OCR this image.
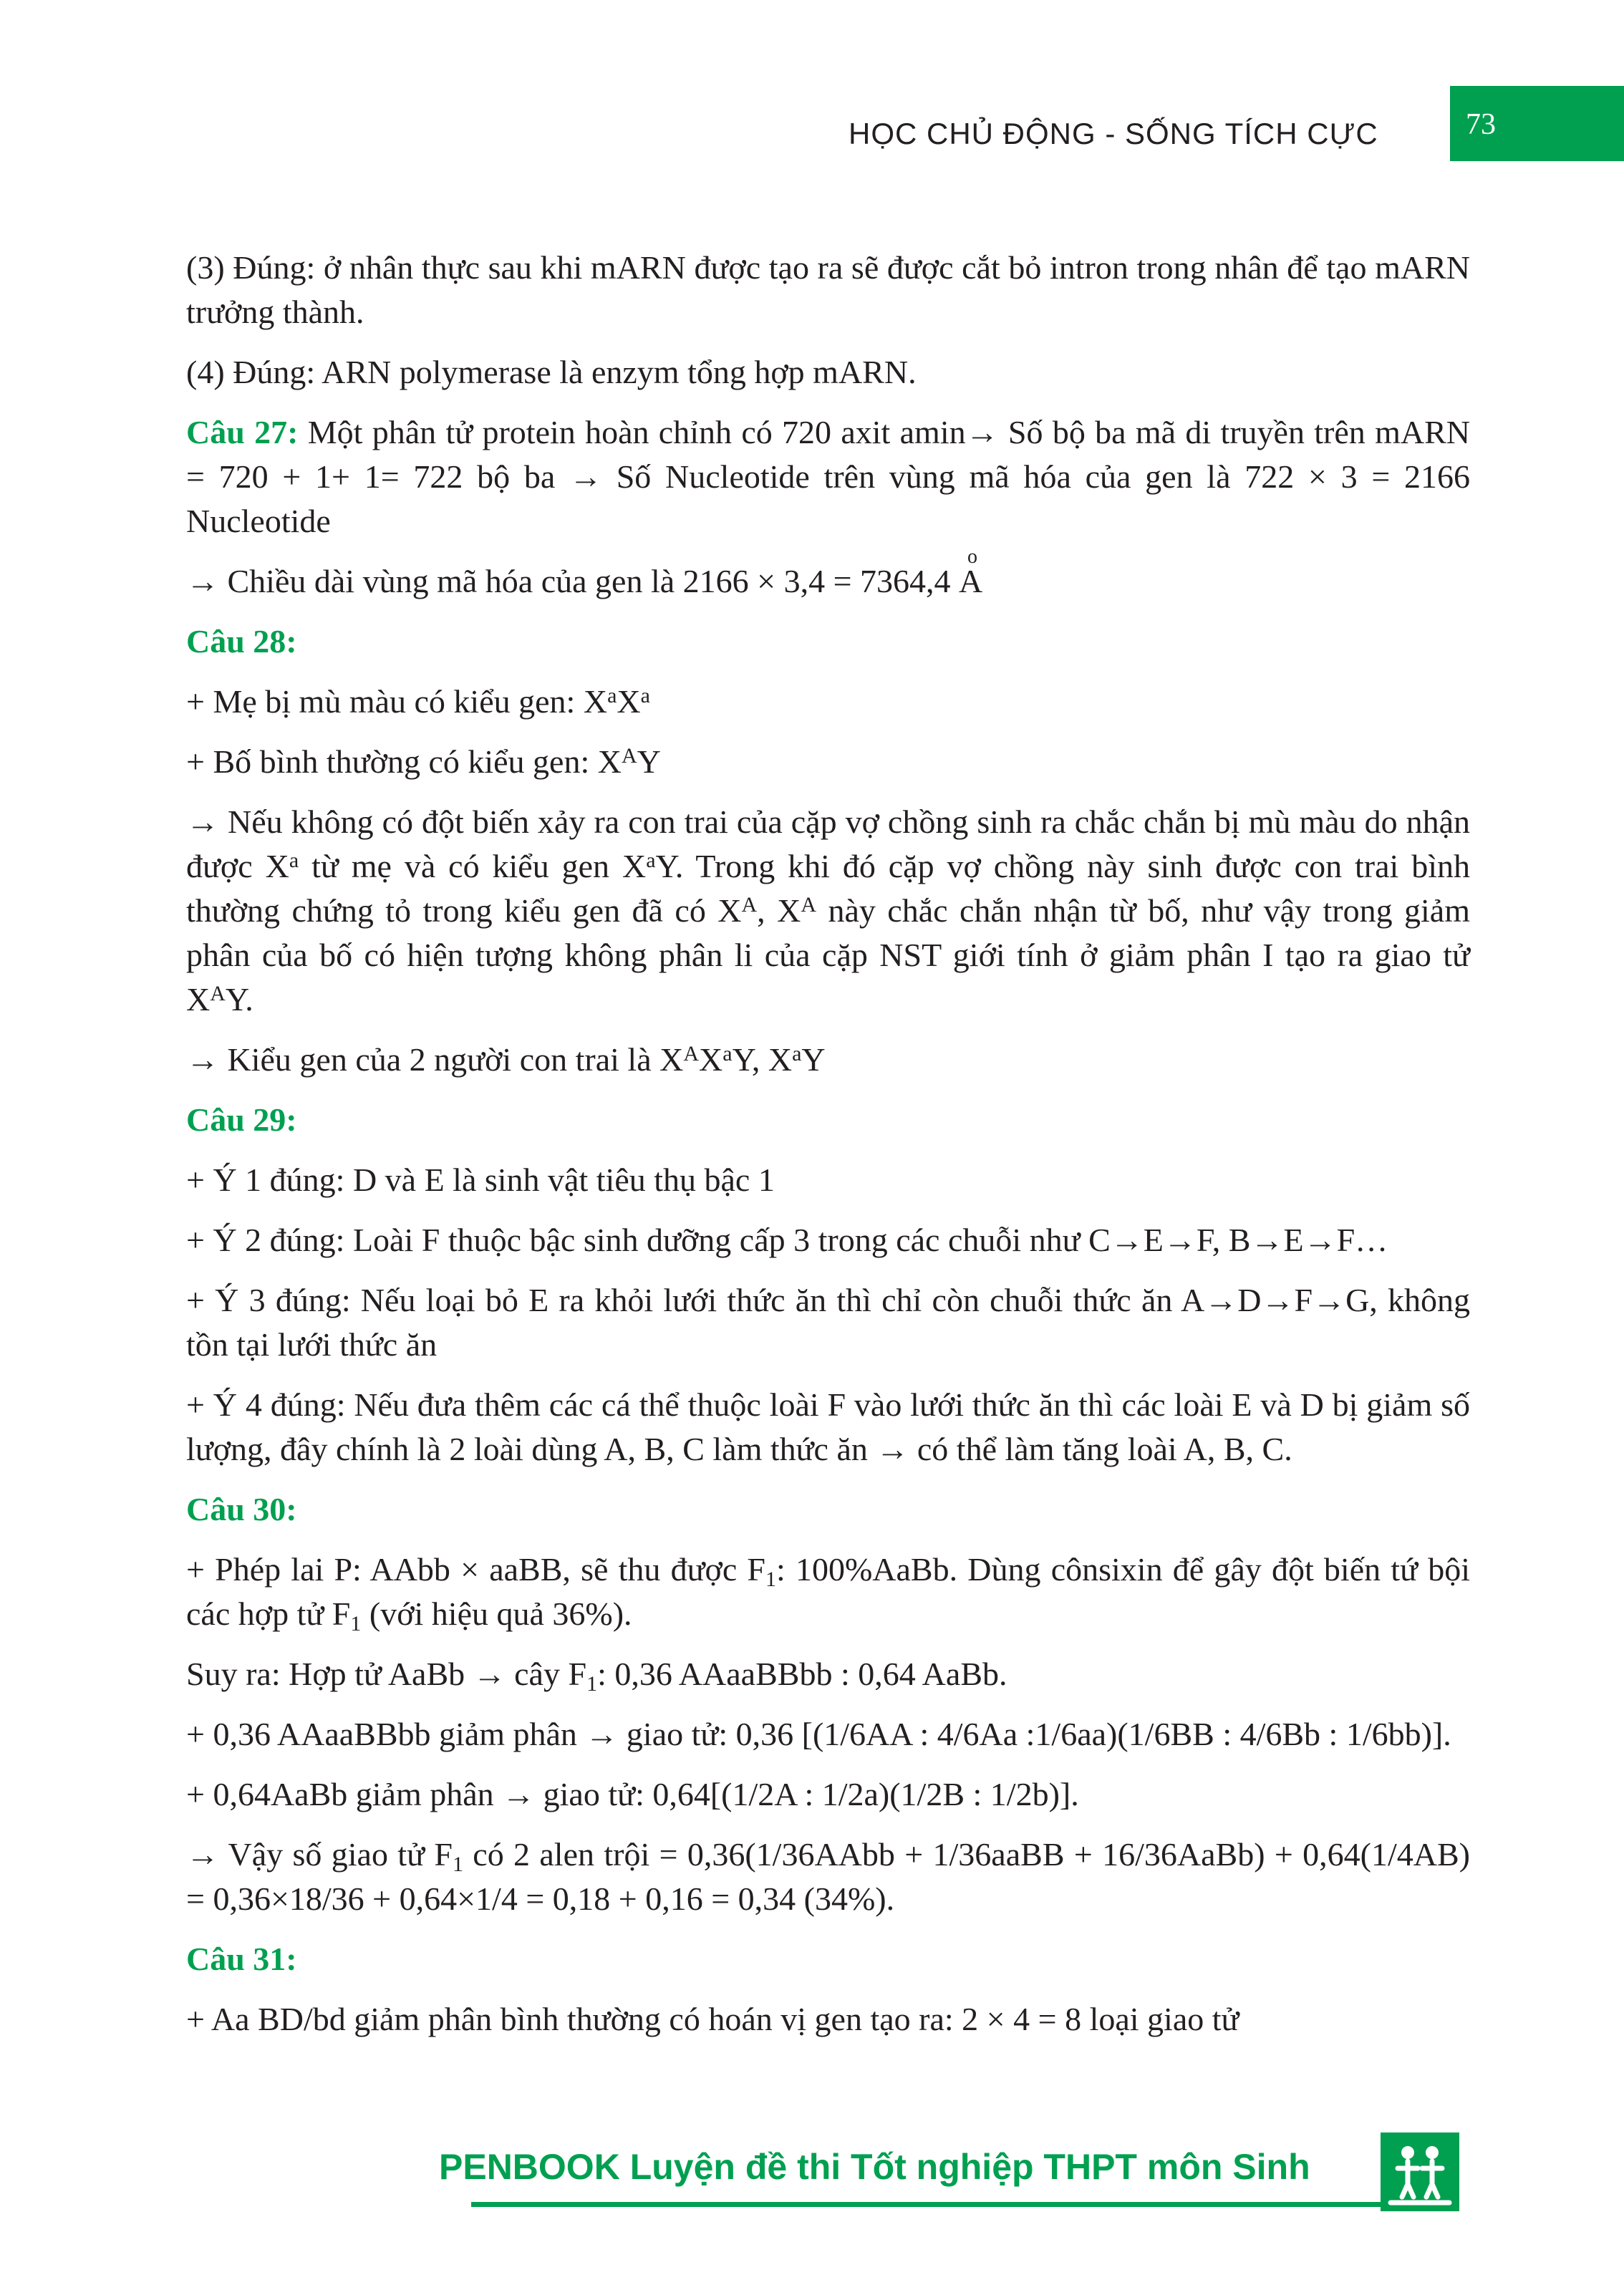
HỌC CHỦ ĐỘNG - SỐNG TÍCH CỰC	73

(3) Đúng: ở nhân thực sau khi mARN được tạo ra sẽ được cắt bỏ intron trong nhân để tạo mARN trưởng thành.

(4) Đúng: ARN polymerase là enzym tổng hợp mARN.

Câu 27: Một phân tử protein hoàn chỉnh có 720 axit amin→ Số bộ ba mã di truyền trên mARN = 720 + 1+ 1= 722 bộ ba → Số Nucleotide trên vùng mã hóa của gen là 722 × 3 = 2166 Nucleotide

→ Chiều dài vùng mã hóa của gen là 2166 × 3,4 = 7364,4 o A

Câu 28:

+ Mẹ bị mù màu có kiểu gen: $X^aX^a$

+ Bố bình thường có kiểu gen: $X^AY$

→ Nếu không có đột biến xảy ra con trai của cặp vợ chồng sinh ra chắc chắn bị mù màu do nhận được $X^a$ từ mẹ và có kiểu gen $X^aY$. Trong khi đó cặp vợ chồng này sinh được con trai bình thường chứng tỏ trong kiểu gen đã có $X^A$, $X^A$ này chắc chắn nhận từ bố, như vậy trong giảm phân của bố có hiện tượng không phân li của cặp NST giới tính ở giảm phân I tạo ra giao tử $X^AY$.

→ Kiểu gen của 2 người con trai là $X^AX^aY$, $X^aY$

Câu 29:

+ Ý 1 đúng: D và E là sinh vật tiêu thụ bậc 1

+ Ý 2 đúng: Loài F thuộc bậc sinh dưỡng cấp 3 trong các chuỗi như C→E→F, B→E→F…

+ Ý 3 đúng: Nếu loại bỏ E ra khỏi lưới thức ăn thì chỉ còn chuỗi thức ăn A→D→F→G, không tồn tại lưới thức ăn

+ Ý 4 đúng: Nếu đưa thêm các cá thể thuộc loài F vào lưới thức ăn thì các loài E và D bị giảm số lượng, đây chính là 2 loài dùng A, B, C làm thức ăn → có thể làm tăng loài A, B, C.

Câu 30:

+ Phép lai P: AAbb × aaBB, sẽ thu được $F_1$: 100%AaBb. Dùng cônsixin để gây đột biến tứ bội các hợp tử $F_1$ (với hiệu quả 36%).

Suy ra: Hợp tử AaBb → cây $F_1$: 0,36 AAaaBBbb : 0,64 AaBb.

+ 0,36 AAaaBBbb giảm phân → giao tử: 0,36 [(1/6AA : 4/6Aa :1/6aa)(1/6BB : 4/6Bb : 1/6bb)].

+ 0,64AaBb giảm phân → giao tử: 0,64[(1/2A : 1/2a)(1/2B : 1/2b)].

→ Vậy số giao tử $F_1$ có 2 alen trội = 0,36(1/36AAbb + 1/36aaBB + 16/36AaBb) + 0,64(1/4AB) = 0,36×18/36 + 0,64×1/4 = 0,18 + 0,16 = 0,34 (34%).

Câu 31:

+ Aa BD/bd giảm phân bình thường có hoán vị gen tạo ra: 2 × 4 = 8 loại giao tử

PENBOOK Luyện đề thi Tốt nghiệp THPT môn Sinh
